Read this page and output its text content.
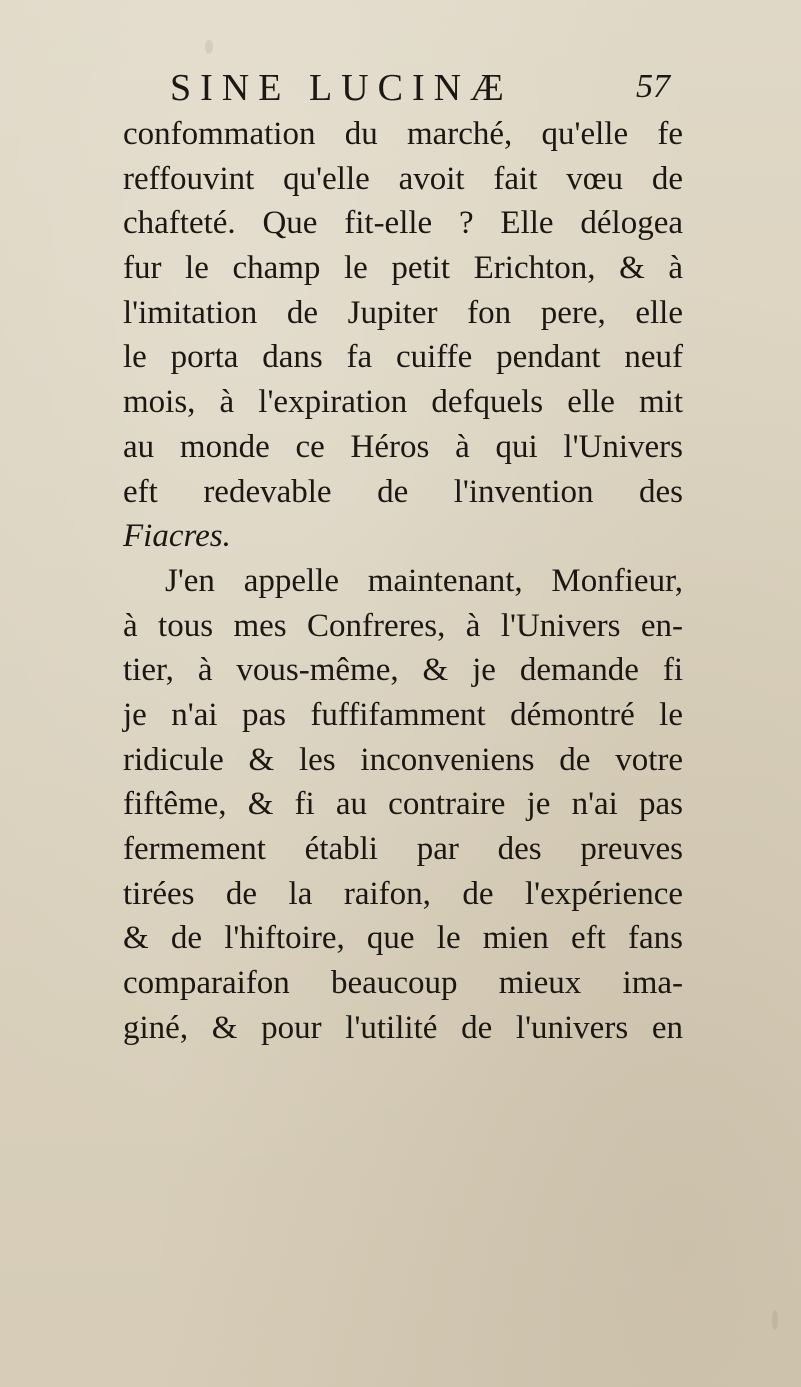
SINE LUCINÆ	57
confommation du marché, qu'elle fe
reffouvint qu'elle avoit fait vœu de
chafteté. Que fit-elle ? Elle délogea
fur le champ le petit Erichton, & à
l'imitation de Jupiter fon pere, elle
le porta dans fa cuiffe pendant neuf
mois, à l'expiration defquels elle mit
au monde ce Héros à qui l'Univers
eft redevable de l'invention des
Fiacres.
J'en appelle maintenant, Monfieur,
à tous mes Confreres, à l'Univers en-
tier, à vous-même, & je demande fi
je n'ai pas fuffifamment démontré le
ridicule & les inconveniens de votre
fiftême, & fi au contraire je n'ai pas
fermement établi par des preuves
tirées de la raifon, de l'expérience
& de l'hiftoire, que le mien eft fans
comparaifon beaucoup mieux ima-
giné, & pour l'utilité de l'univers en
